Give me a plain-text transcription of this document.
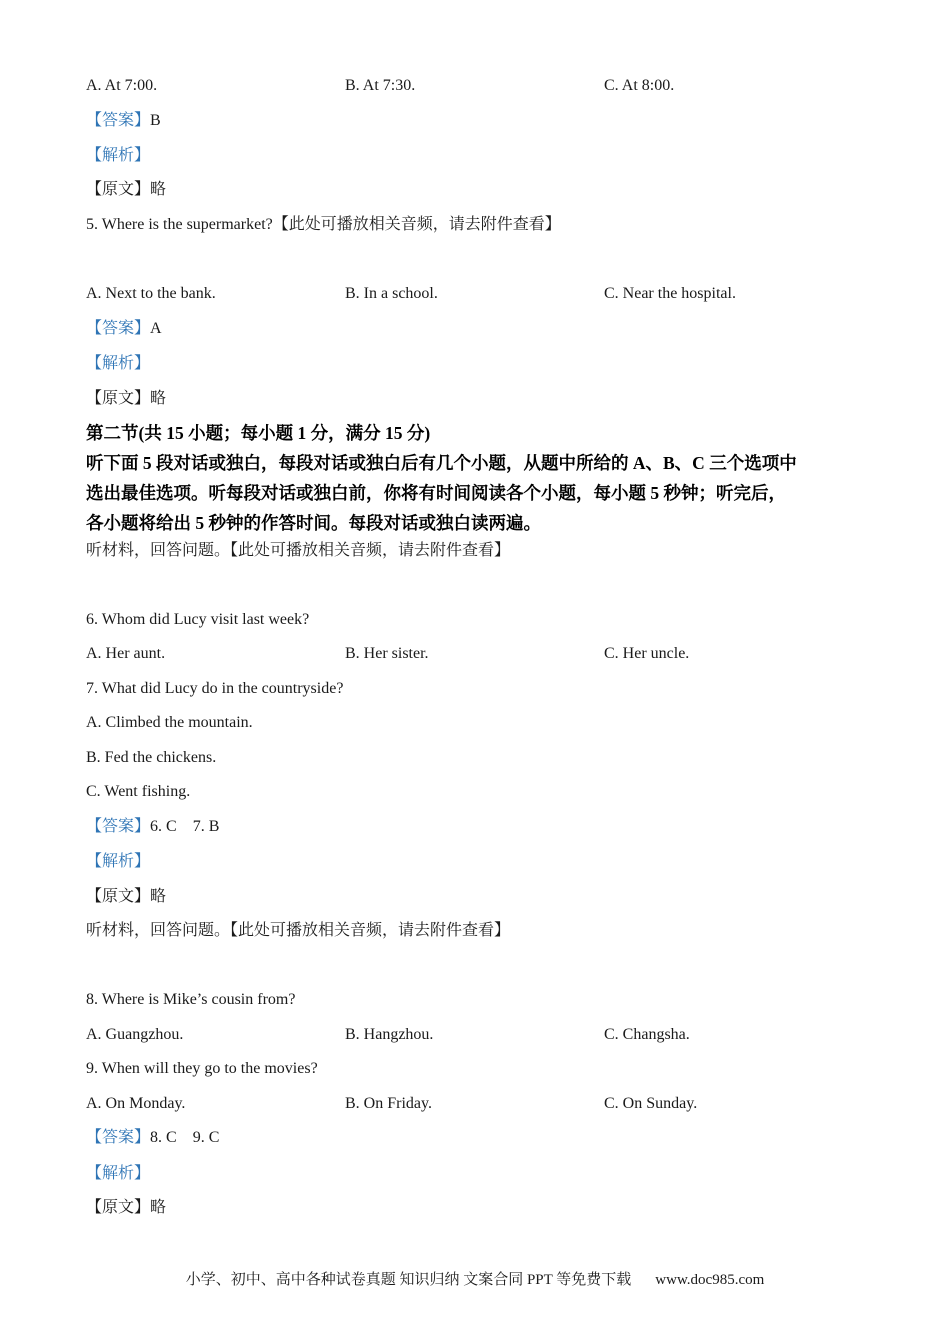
A. At 7:00.	B. At 7:30.	C. At 8:00.
【答案】B
【解析】
【原文】略
5. Where is the supermarket?【此处可播放相关音频，请去附件查看】
A. Next to the bank.	B. In a school.	C. Near the hospital.
【答案】A
【解析】
【原文】略
第二节(共 15 小题；每小题 1 分，满分 15 分)
听下面 5 段对话或独白，每段对话或独白后有几个小题，从题中所给的 A、B、C 三个选项中
选出最佳选项。听每段对话或独白前，你将有时间阅读各个小题，每小题 5 秒钟；听完后，
各小题将给出 5 秒钟的作答时间。每段对话或独白读两遍。
听材料，回答问题。【此处可播放相关音频，请去附件查看】
6. Whom did Lucy visit last week?
A. Her aunt.	B. Her sister.	C. Her uncle.
7. What did Lucy do in the countryside?
A. Climbed the mountain.
B. Fed the chickens.
C. Went fishing.
【答案】6. C    7. B
【解析】
【原文】略
听材料，回答问题。【此处可播放相关音频，请去附件查看】
8. Where is Mike’s cousin from?
A. Guangzhou.	B. Hangzhou.	C. Changsha.
9. When will they go to the movies?
A. On Monday.	B. On Friday.	C. On Sunday.
【答案】8. C    9. C
【解析】
【原文】略
小学、初中、高中各种试卷真题 知识归纳 文案合同 PPT 等免费下载 www.doc985.com
